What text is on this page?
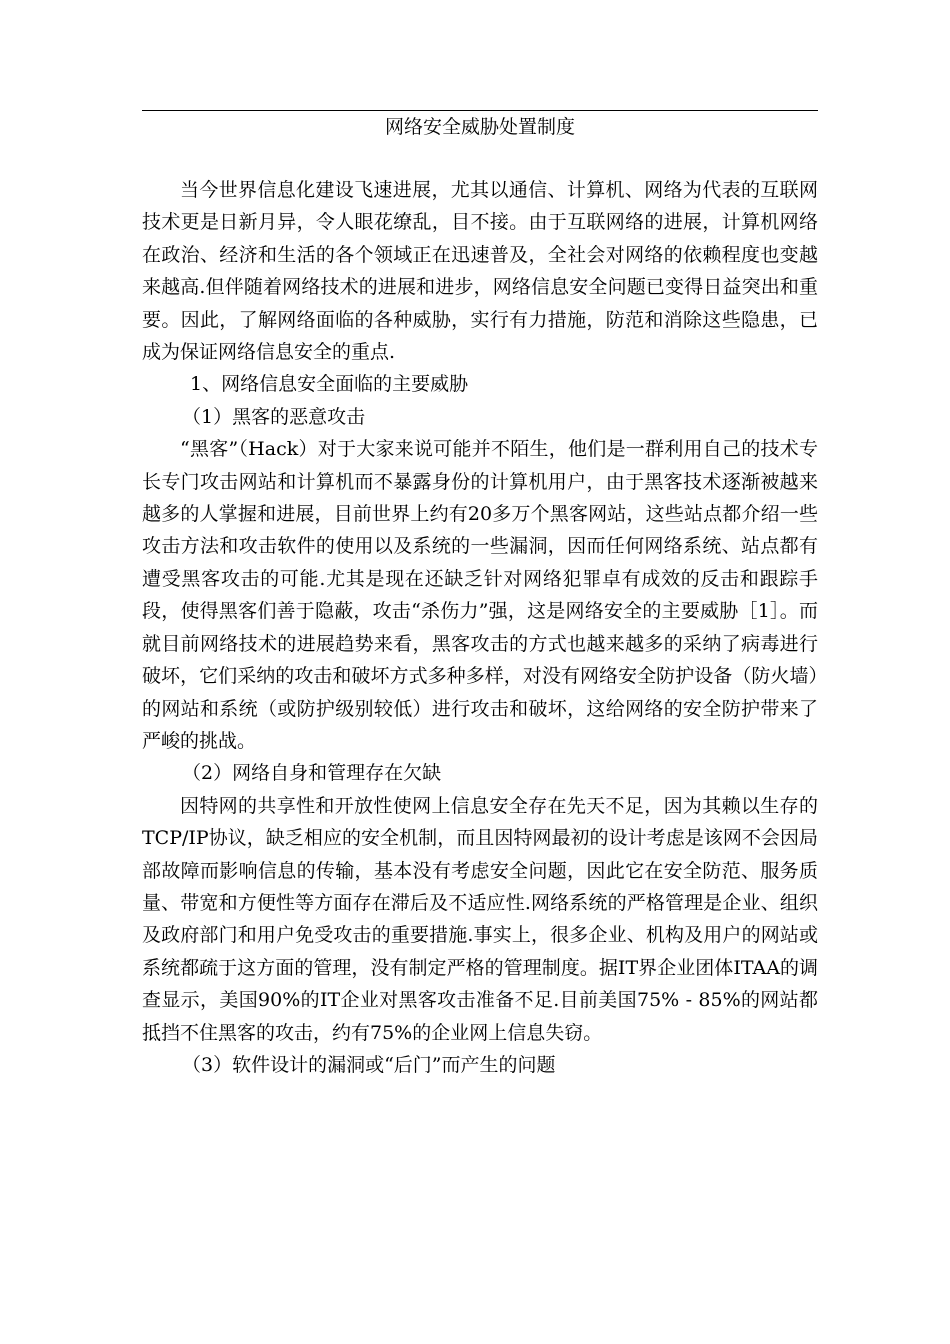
网络安全威胁处置制度

当今世界信息化建设飞速进展，尤其以通信、计算机、网络为代表的互联网技术更是日新月异，令人眼花缭乱，目不接。由于互联网络的进展，计算机网络在政治、经济和生活的各个领域正在迅速普及，全社会对网络的依赖程度也变越来越高.但伴随着网络技术的进展和进步，网络信息安全问题已变得日益突出和重要。因此，了解网络面临的各种威胁，实行有力措施，防范和消除这些隐患，已成为保证网络信息安全的重点.

1、网络信息安全面临的主要威胁

（1）黑客的恶意攻击

“黑客”（Hack）对于大家来说可能并不陌生，他们是一群利用自己的技术专长专门攻击网站和计算机而不暴露身份的计算机用户，由于黑客技术逐渐被越来越多的人掌握和进展，目前世界上约有20多万个黑客网站，这些站点都介绍一些攻击方法和攻击软件的使用以及系统的一些漏洞，因而任何网络系统、站点都有遭受黑客攻击的可能.尤其是现在还缺乏针对网络犯罪卓有成效的反击和跟踪手段，使得黑客们善于隐蔽，攻击“杀伤力”强，这是网络安全的主要威胁［1］。而就目前网络技术的进展趋势来看，黑客攻击的方式也越来越多的采纳了病毒进行破坏，它们采纳的攻击和破坏方式多种多样，对没有网络安全防护设备（防火墙）的网站和系统（或防护级别较低）进行攻击和破坏，这给网络的安全防护带来了严峻的挑战。

（2）网络自身和管理存在欠缺

因特网的共享性和开放性使网上信息安全存在先天不足，因为其赖以生存的TCP/IP协议，缺乏相应的安全机制，而且因特网最初的设计考虑是该网不会因局部故障而影响信息的传输，基本没有考虑安全问题，因此它在安全防范、服务质量、带宽和方便性等方面存在滞后及不适应性.网络系统的严格管理是企业、组织及政府部门和用户免受攻击的重要措施.事实上，很多企业、机构及用户的网站或系统都疏于这方面的管理，没有制定严格的管理制度。据IT界企业团体ITAA的调查显示，美国90%的IT企业对黑客攻击准备不足.目前美国75% - 85%的网站都抵挡不住黑客的攻击，约有75%的企业网上信息失窃。

（3）软件设计的漏洞或“后门”而产生的问题
